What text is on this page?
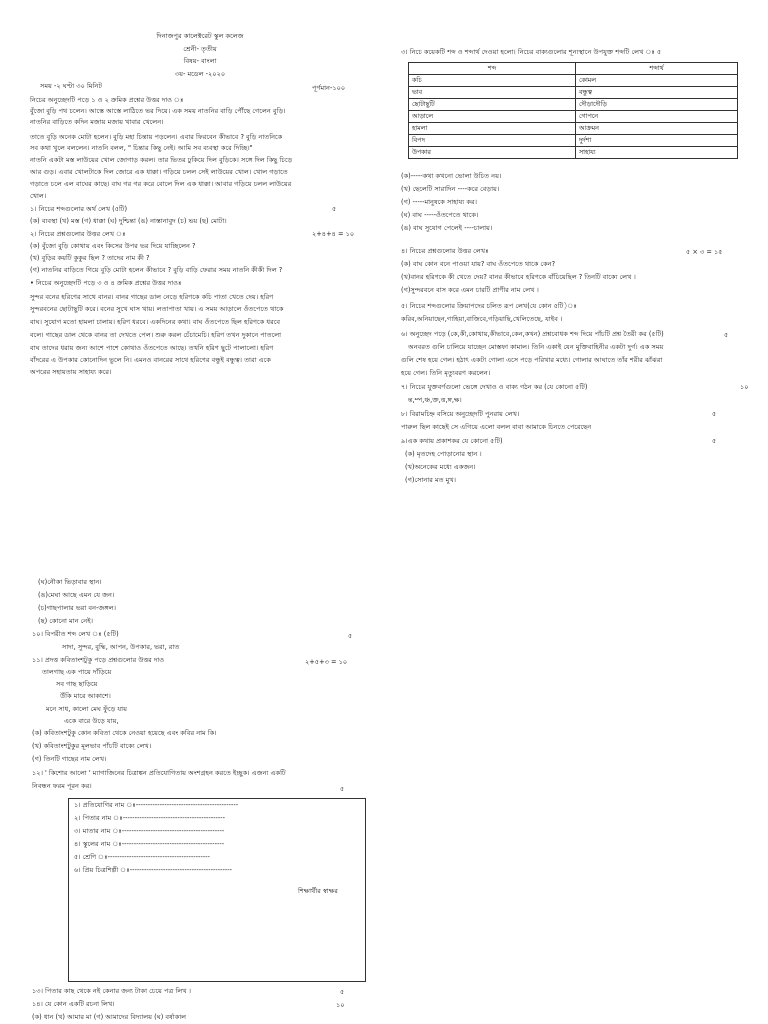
দিনাজপুর কালেক্টরেট স্কুল কলেজ
শ্রেনী- তৃতীয়
বিষয়- বাংলা
৩য়- মডেল -২০২০
সময় -২ ঘণ্টা ৩০ মিনিট	পূর্ণমান-১০০
নিচের অনুচ্ছেদটি পড়ে ১ ও ২ ক্রমিক প্রশ্নের উত্তর দাও ঃ
বুঁজো বুড়ি পথ চলেন। আস্তে আস্তে লাঠিতে ভর দিয়ে। এক সময় নাতনির বাড়ি পৌঁছে গেলেন বুড়ি।
নাতনির বাড়িতে কদিন মজায় মজায় খাবার খেলেন।
তাতে বুড়ি অনেক মোটা হলেন। বুড়ি মহা চিন্তায় পড়লেন। এবার ফিরবেন কীভাবে ? বুড়ি নাতনিকে
সব কথা খুলে বললেন। নাতনি বলল, " চিন্তার কিছু নেই। আমি সব ব্যবস্থা করে দিচ্ছি।"
নাতনি একটা মস্ত লাউয়ের খোল জোগাড় করল। তার ভিতর ঢুকিয়ে দিল বুড়িকে। সঙ্গে দিল কিছু চিড়ে
আর গুড়। এবার খোলটাকে দিল জোরে এক ধাক্কা। গড়িয়ে চলল সেই লাউয়ের খোল। খোল গড়াতে
গড়াতে চলে এল বাঘের কাছে। বাঘ গর গর করে বোলে দিল এক ধাক্কা। আবার গড়িয়ে চলল লাউয়ের
খোল।
১। নিচের শব্দগুলোর অর্থ লেখ (৫টি)	৫
(ক) ব্যবস্থা (খ) মস্ত (গ) ধাক্কা (ঘ) দুশ্চিন্তা (ঙ) নাস্তানাবুদ (চ) ভয় (ছ) মোটা।
২। নিচের প্রশ্নগুলোর উত্তর লেখ ঃ	২+৪+৪ = ১০
(ক) বুঁজো বুড়ি কোথায় এবং কিসের উপর ভর দিয়ে যাচ্ছিলেন ?
(খ) বুড়ির কয়টি কুকুর ছিল ? তাদের নাম কী ?
(গ) নাতনির বাড়িতে গিয়ে বুড়ি মোটা হলেন কীভাবে ? বুড়ি বাড়ি ফেরার সময় নাতনি কীকী দিল ?
• নিচের অনুচ্ছেদটি পড়ে ৩ ও ৪ ক্রমিক প্রশ্নের উত্তর দাওঃ
সুন্দর বনের হরিণের সাথে বানর। বানর গাছের ডাল নেড়ে হরিণকে কচি পাতা খেতে দেয়। হরিণ
সুন্দরবনের ছোটাছুটি করে। বনের সুখে ঘাস খায়। লতাপাতা খায়। এ সময় আড়ালে ওঁতপেতে থাকে
বাঘ। সুযোগ মতো হামলা চালায়। হরিণ ধরবে। একদিনের কথা। বাঘ ওঁতপেতে ছিল হরিণকে ধরবে
বলে। গাছের ডাল থেকে বানর তা দেখতে পেল। শুরু করল চেঁচামেচি। হরিণ তখন দুকানে পাতলো
বাঘ তাদের ধরায় জন্য আশে পাশে কোথাও ওঁতপেতে আছে। তখনি হরিণ ছুটে পালালো। হরিণ
বাঁদরের এ উপকার কোনোদিন ভুলে নি। এমনও বানরের সাথে হরিণের বন্ধুই বন্ধুত্ব। তারা একে
অপরের সহায়তায় সাহায্য করে।
(ঘ)নৌকা ভিড়াবার স্থান।
(ঙ)মেঘা আছে এমন যে জন।
(চ)গাছপালার ভরা বন-জঙ্গল।
(ছ) কোনো মান নেই।
১০। বিপরীত শব্দ লেখ ঃ (৫টি)	৫
সাদা, সুন্দর, বুদ্ধি, আপন, উপকার, ভরা, রাত
১১। প্রদত্ত কবিতাংশটুকু পড়ে প্রশ্নগুলোর উত্তর দাও	২+৫+৩ = ১০
তালগাছ এক পায়ে দাঁড়িয়ে
সব গাছ ছাড়িয়ে
উঁকি মারে আকাশে।
মনে সাধ, কালো মেঘ ফুঁড়ে যায়
একে বারে উড়ে যায়,
(ক) কবিতাংশটুকু কোন কবিতা থেকে নেওয়া হয়েছে এবং কবির নাম কি।
(খ) কবিতাংশটুকুর মূলভাব পাঁচটি বাক্যে লেখ।
(গ) তিনটি গাছের নাম লেখ।
১২। ' কিশোর আলো ' ম্যাগাজিনের চিত্রাঙ্কন প্রতিযোগিতায় অংশগ্রহন করতে ইচ্ছুক। এজন্য একটি
নিবন্ধন ফরম পূরন কর।	৫
১। প্রতিযোগির নাম ঃ-------------------------------------------
২। পিতার নাম ঃ-------------------------------------------
৩। মাতার নাম ঃ-------------------------------------------
৪। স্কুলের নাম ঃ-------------------------------------------
৫। শ্রেণি ঃ-------------------------------------------
৬। প্রিয় চিত্রশিল্পী ঃ-------------------------------------------
শিক্ষার্থীর স্বাক্ষর
১৩। পিতার কাছ থেকে নই কেনার জন্য টাকা চেয়ে পত্র লিখ ।	৫
১৪। যে কোন একটি রচনা লিখ।	১০
(ক) ধান (খ) আমার মা (গ) আমাদের বিদ্যালয় (ঘ) বর্ষাকাল
৩। নিচে কয়েকটি শব্দ ও শব্দার্থ দেওয়া হলো। নিচের বাক্যগুলোর শূন্যস্থানে উপযুক্ত শব্দটি লেখ ঃ ৫
শব্দ	শব্দার্থ
কচি	কোমল
ভাব	বন্ধুত্ব
ছোটাছুটি	দৌড়াদৌড়ি
আড়ালে	গোপনে
হামলা	আক্রমন
বিপদ	দুর্দশা
উপকার	সাহায্য
(ক)-----কথা কখনো ভোলা উচিত নয়।
(খ) ছেলেটি সারাদিন ----করে বেড়ায়।
(গ) -----মানুষকে সাহায্য কর।
(ঘ) বাঘ -----ওঁতপেতে থাকে।
(ঙ) বাঘ সুযোগ পেলেই ----চালায়।
৪। নিচের প্রশ্নগুলোর উত্তর লেখঃ	৫ × ৩ = ১৫
(ক) বাঘ কোন বনে পাওয়া যায়? বাঘ ওঁতপেতে থাকে কেন?
(খ)বানর হরিণকে কী খেতে দেয়? বানর কীভাবে হরিণকে বাঁচিয়েছিল ? তিনটি বাক্যে লেখ ।
(গ)সুন্দরবনে বাস করে এমন চারটি প্রাণীর নাম লেখ ।
৫। নিচের শব্দগুলোর ক্রিয়াপদের চলিত রূপ লেখ(যে কোন ৫টি)ঃ
করিব,অনিয়াছেন,গাহিয়া,বাজিবে,গড়িয়াছি,খেলিতেছে, যাইব ।
৬। অনুচ্ছেদ পড়ে (কে,কী,কোথায়,কীভাবে,কেন,কখন) প্রশ্নবোধক শব্দ দিয়ে পাঁচটি প্রশ্ন তৈরী কর (৫টি)	৫
অনবরত গুলি চালিয়ে যাচ্ছেন মোস্তফা কামাল। তিনি একাই যেন মুক্তিবাহিনীর একটা দুর্গ। এক সময়
গুলি শেষ হয়ে গেল। হঠাৎ একটা গোলা এসে পড়ে পরিখার মধ্যে। গোলার আঘাতে তাঁর শরীর ঝাঁঝরা
হয়ে গেল। তিনি মৃত্যুবরণ করলেন।
৭। নিচের যুক্তবর্ণগুলো ভেঙ্গে দেখাও ও বাক্য গঠন কর (যে কোনো ৫টি)	১০
ন্ত,ম্প,ঞ্চ,ক্ত,ত্ত,ঙ্গ,ক্ষ।
৮। বিরামচিহ্ন বসিয়ে অনুচ্ছেদটি পুনরায় লেখ।	৫
পারুল ছিল কাছেই সে এগিয়ে এলো বলল বাবা আমাকে চিনতে পেরেছেন
৯।এক কথায় প্রকাশকর যে কোনো ৫টি)	৫
(ক) মৃতদেহ পোড়ানোর স্থান ।
(খ)অনেকের মধ্যে একজন।
(গ)সোনার মত মুখ।
